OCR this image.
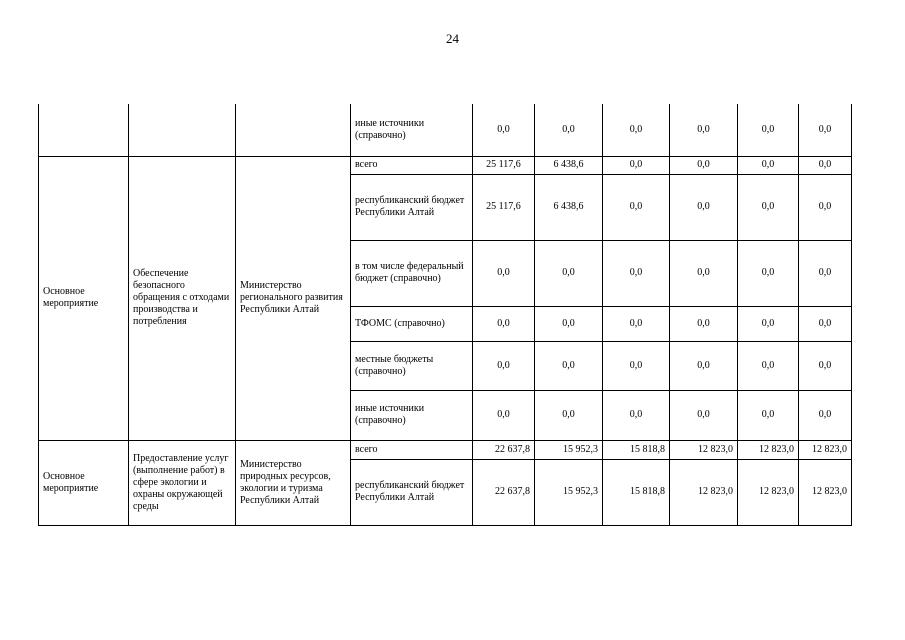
24
			иные источники (справочно)	0,0	0,0	0,0	0,0	0,0	0,0
Основное мероприятие	Обеспечение безопасного обращения с отходами производства и потребления	Министерство регионального развития Республики Алтай	всего	25 117,6	6 438,6	0,0	0,0	0,0	0,0
			республиканский бюджет Республики Алтай	25 117,6	6 438,6	0,0	0,0	0,0	0,0
			в том числе федеральный бюджет (справочно)	0,0	0,0	0,0	0,0	0,0	0,0
			ТФОМС (справочно)	0,0	0,0	0,0	0,0	0,0	0,0
			местные бюджеты (справочно)	0,0	0,0	0,0	0,0	0,0	0,0
			иные источники (справочно)	0,0	0,0	0,0	0,0	0,0	0,0
Основное мероприятие	Предоставление услуг (выполнение работ) в сфере экологии и охраны окружающей среды	Министерство природных ресурсов, экологии и туризма Республики Алтай	всего	22 637,8	15 952,3	15 818,8	12 823,0	12 823,0	12 823,0
			республиканский бюджет Республики Алтай	22 637,8	15 952,3	15 818,8	12 823,0	12 823,0	12 823,0
